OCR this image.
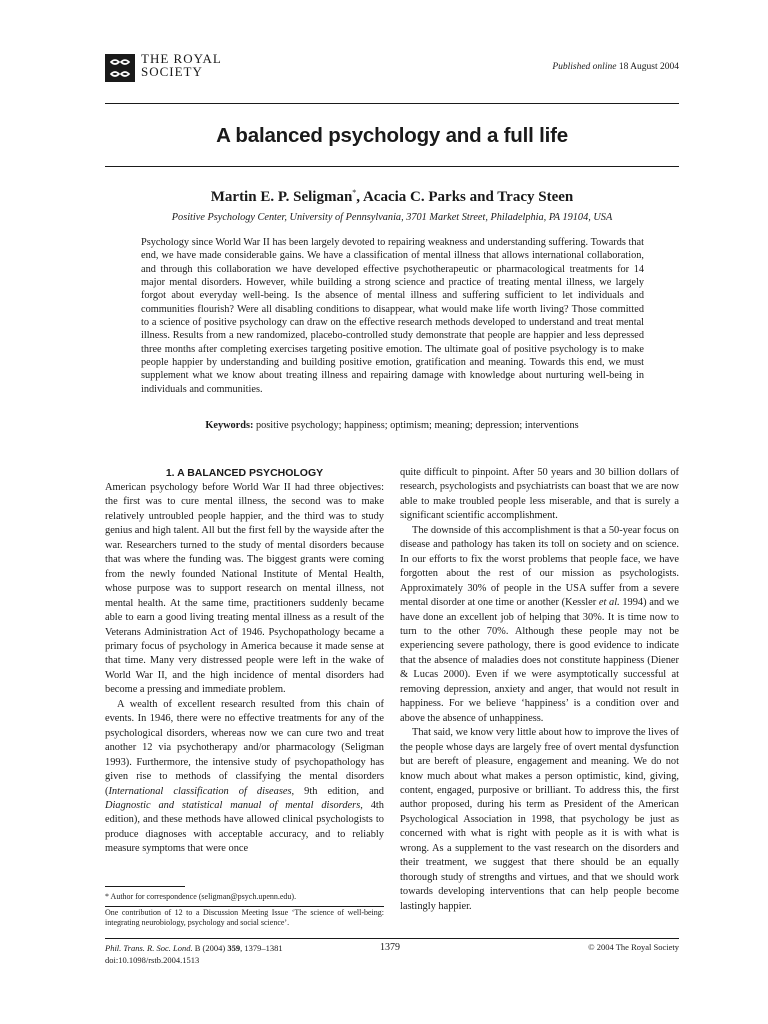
THE ROYAL
SOCIETY	Published online 18 August 2004
A balanced psychology and a full life
Martin E. P. Seligman*, Acacia C. Parks and Tracy Steen
Positive Psychology Center, University of Pennsylvania, 3701 Market Street, Philadelphia, PA 19104, USA

Psychology since World War II has been largely devoted to repairing weakness and understanding suffering. Towards that end, we have made considerable gains. We have a classification of mental illness that allows international collaboration, and through this collaboration we have developed effective psychotherapeutic or pharmacological treatments for 14 major mental disorders. However, while building a strong science and practice of treating mental illness, we largely forgot about everyday well-being. Is the absence of mental illness and suffering sufficient to let individuals and communities flourish? Were all disabling conditions to disappear, what would make life worth living? Those committed to a science of positive psychology can draw on the effective research methods developed to understand and treat mental illness. Results from a new randomized, placebo-controlled study demonstrate that people are happier and less depressed three months after completing exercises targeting positive emotion. The ultimate goal of positive psychology is to make people happier by understanding and building positive emotion, gratification and meaning. Towards this end, we must supplement what we know about treating illness and repairing damage with knowledge about nurturing well-being in individuals and communities.

Keywords: positive psychology; happiness; optimism; meaning; depression; interventions
1. A BALANCED PSYCHOLOGY

American psychology before World War II had three objectives: the first was to cure mental illness, the second was to make relatively untroubled people happier, and the third was to study genius and high talent. All but the first fell by the wayside after the war. Researchers turned to the study of mental disorders because that was where the funding was. The biggest grants were coming from the newly founded National Institute of Mental Health, whose purpose was to support research on mental illness, not mental health. At the same time, practitioners suddenly became able to earn a good living treating mental illness as a result of the Veterans Administration Act of 1946. Psychopathology became a primary focus of psychology in America because it made sense at that time. Many very distressed people were left in the wake of World War II, and the high incidence of mental disorders had become a pressing and immediate problem.

A wealth of excellent research resulted from this chain of events. In 1946, there were no effective treatments for any of the psychological disorders, whereas now we can cure two and treat another 12 via psychotherapy and/or pharmacology (Seligman 1993). Furthermore, the intensive study of psychopathology has given rise to methods of classifying the mental disorders (International classification of diseases, 9th edition, and Diagnostic and statistical manual of mental disorders, 4th edition), and these methods have allowed clinical psychologists to produce diagnoses with acceptable accuracy, and to reliably measure symptoms that were once

quite difficult to pinpoint. After 50 years and 30 billion dollars of research, psychologists and psychiatrists can boast that we are now able to make troubled people less miserable, and that is surely a significant scientific accomplishment.

The downside of this accomplishment is that a 50-year focus on disease and pathology has taken its toll on society and on science. In our efforts to fix the worst problems that people face, we have forgotten about the rest of our mission as psychologists. Approximately 30% of people in the USA suffer from a severe mental disorder at one time or another (Kessler et al. 1994) and we have done an excellent job of helping that 30%. It is time now to turn to the other 70%. Although these people may not be experiencing severe pathology, there is good evidence to indicate that the absence of maladies does not constitute happiness (Diener & Lucas 2000). Even if we were asymptotically successful at removing depression, anxiety and anger, that would not result in happiness. For we believe ‘happiness’ is a condition over and above the absence of unhappiness.

That said, we know very little about how to improve the lives of the people whose days are largely free of overt mental dysfunction but are bereft of pleasure, engagement and meaning. We do not know much about what makes a person optimistic, kind, giving, content, engaged, purposive or brilliant. To address this, the first author proposed, during his term as President of the American Psychological Association in 1998, that psychology be just as concerned with what is right with people as it is with what is wrong. As a supplement to the vast research on the disorders and their treatment, we suggest that there should be an equally thorough study of strengths and virtues, and that we should work towards developing interventions that can help people become lastingly happier.

* Author for correspondence (seligman@psych.upenn.edu).
One contribution of 12 to a Discussion Meeting Issue ‘The science of well-being: integrating neurobiology, psychology and social science’.
Phil. Trans. R. Soc. Lond. B (2004) 359, 1379–1381
doi:10.1098/rstb.2004.1513
1379	© 2004 The Royal Society
